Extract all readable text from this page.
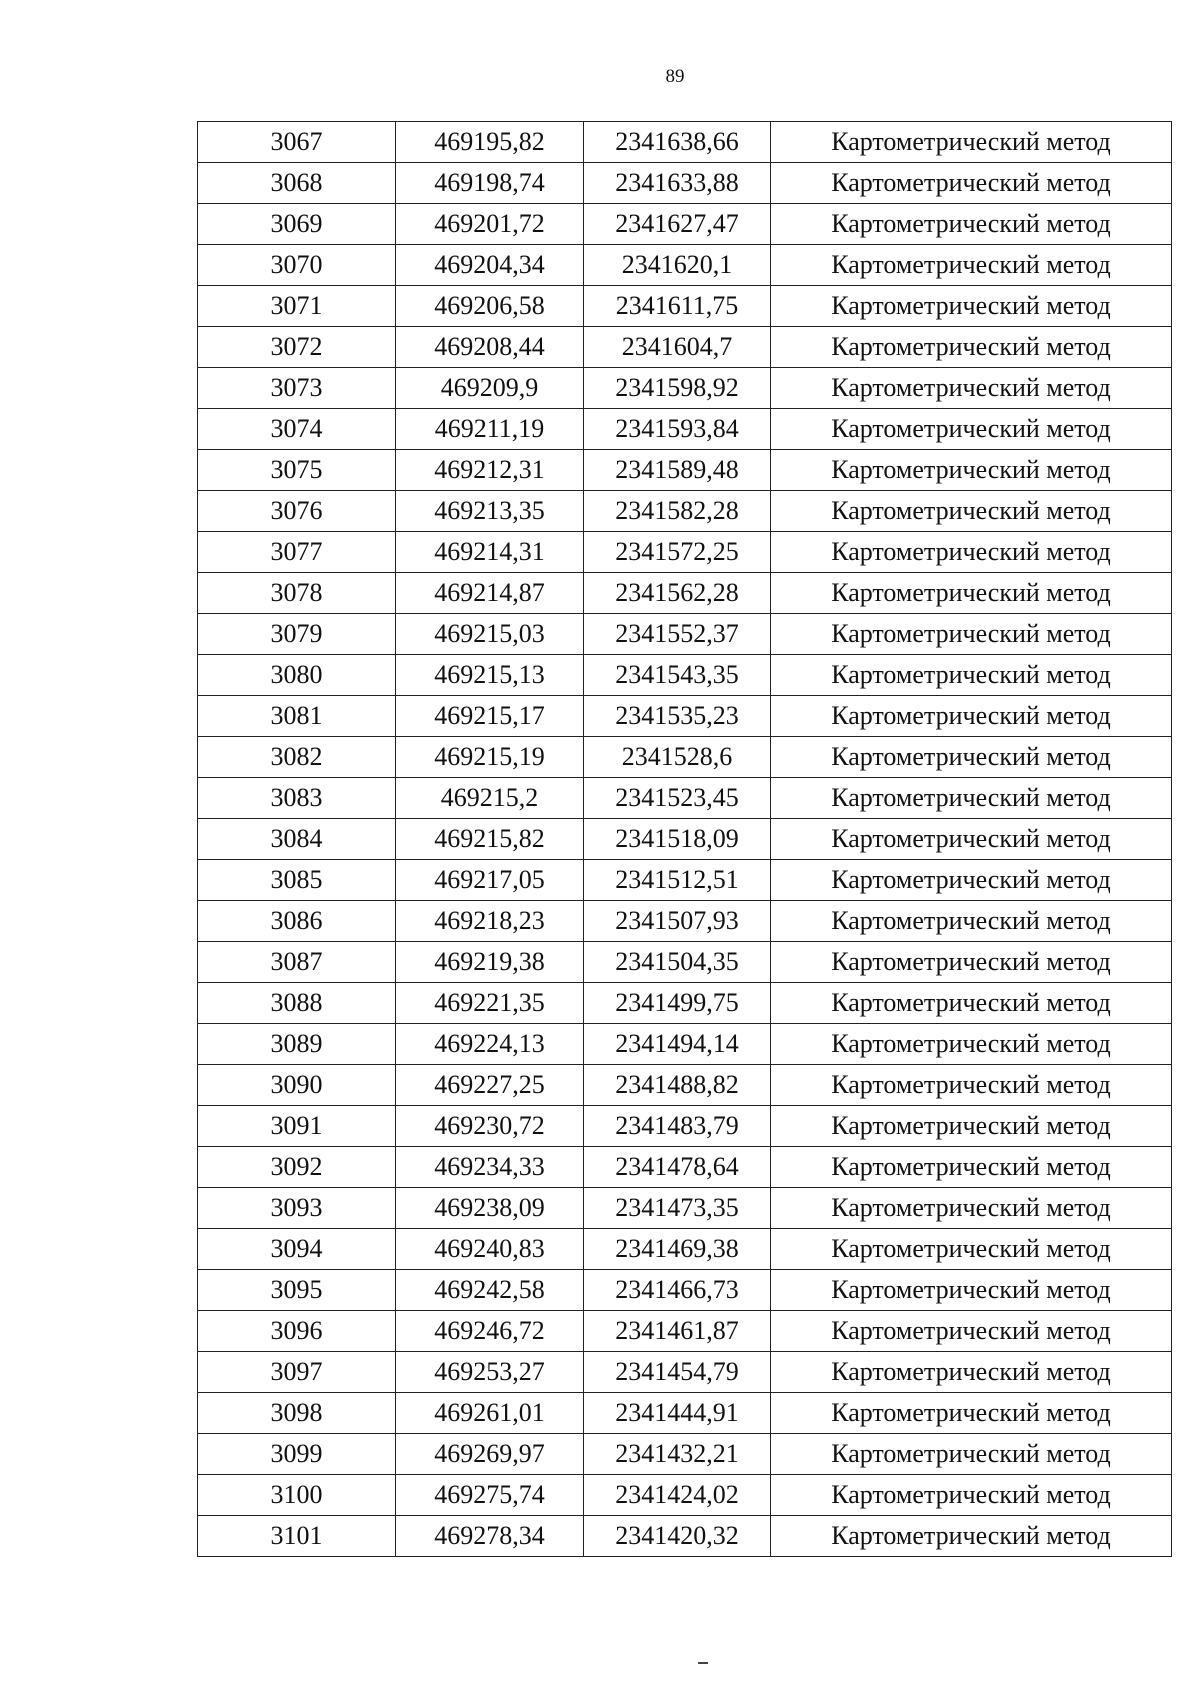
89
3067	469195,82	2341638,66	Картометрический метод
3068	469198,74	2341633,88	Картометрический метод
3069	469201,72	2341627,47	Картометрический метод
3070	469204,34	2341620,1	Картометрический метод
3071	469206,58	2341611,75	Картометрический метод
3072	469208,44	2341604,7	Картометрический метод
3073	469209,9	2341598,92	Картометрический метод
3074	469211,19	2341593,84	Картометрический метод
3075	469212,31	2341589,48	Картометрический метод
3076	469213,35	2341582,28	Картометрический метод
3077	469214,31	2341572,25	Картометрический метод
3078	469214,87	2341562,28	Картометрический метод
3079	469215,03	2341552,37	Картометрический метод
3080	469215,13	2341543,35	Картометрический метод
3081	469215,17	2341535,23	Картометрический метод
3082	469215,19	2341528,6	Картометрический метод
3083	469215,2	2341523,45	Картометрический метод
3084	469215,82	2341518,09	Картометрический метод
3085	469217,05	2341512,51	Картометрический метод
3086	469218,23	2341507,93	Картометрический метод
3087	469219,38	2341504,35	Картометрический метод
3088	469221,35	2341499,75	Картометрический метод
3089	469224,13	2341494,14	Картометрический метод
3090	469227,25	2341488,82	Картометрический метод
3091	469230,72	2341483,79	Картометрический метод
3092	469234,33	2341478,64	Картометрический метод
3093	469238,09	2341473,35	Картометрический метод
3094	469240,83	2341469,38	Картометрический метод
3095	469242,58	2341466,73	Картометрический метод
3096	469246,72	2341461,87	Картометрический метод
3097	469253,27	2341454,79	Картометрический метод
3098	469261,01	2341444,91	Картометрический метод
3099	469269,97	2341432,21	Картометрический метод
3100	469275,74	2341424,02	Картометрический метод
3101	469278,34	2341420,32	Картометрический метод
